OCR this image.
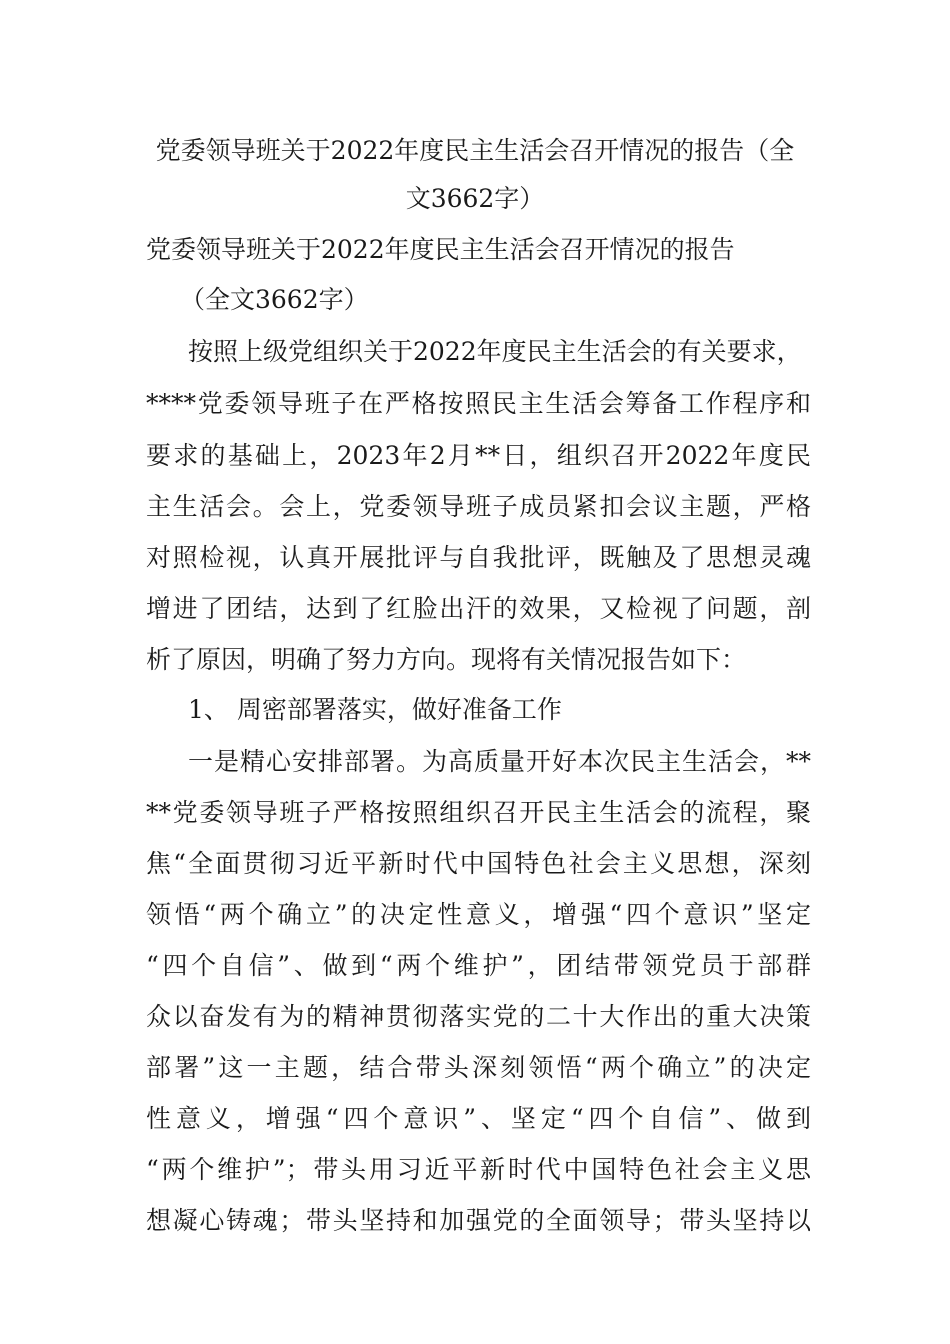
党委领导班关于2022年度民主生活会召开情况的报告（全
文3662字）
党委领导班关于2022年度民主生活会召开情况的报告
（全文3662字）
按照上级党组织关于2022年度民主生活会的有关要求，
****党委领导班子在严格按照民主生活会筹备工作程序和
要求的基础上，2023年2月**日，组织召开2022年度民
主生活会。会上，党委领导班子成员紧扣会议主题，严格
对照检视，认真开展批评与自我批评，既触及了思想灵魂
增进了团结，达到了红脸出汗的效果，又检视了问题，剖
析了原因，明确了努力方向。现将有关情况报告如下：
1、 周密部署落实，做好准备工作
一是精心安排部署。为高质量开好本次民主生活会，**
**党委领导班子严格按照组织召开民主生活会的流程，聚
焦“全面贯彻习近平新时代中国特色社会主义思想，深刻
领悟“两个确立”的决定性意义，增强“四个意识”坚定
“四个自信”、做到“两个维护”，团结带领党员于部群
众以奋发有为的精神贯彻落实党的二十大作出的重大决策
部署”这一主题，结合带头深刻领悟“两个确立”的决定
性意义，增强“四个意识”、坚定“四个自信”、做到
“两个维护”；带头用习近平新时代中国特色社会主义思
想凝心铸魂；带头坚持和加强党的全面领导；带头坚持以
